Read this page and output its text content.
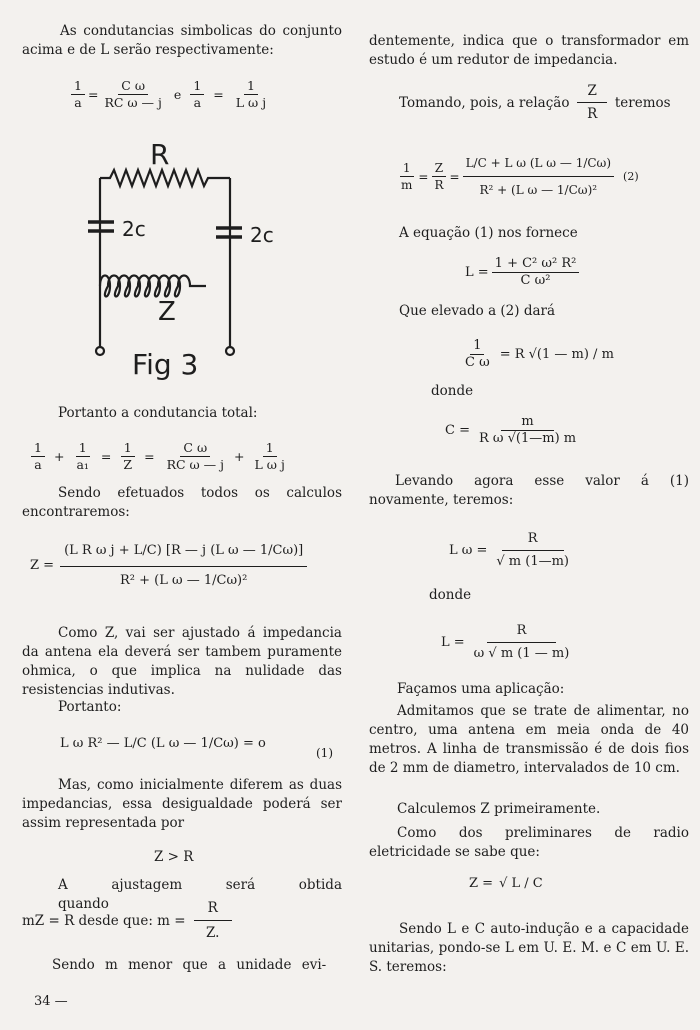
As condutancias simbolicas do conjunto acima e de L serão respectivamente:
$\frac{1}{a} = \frac{\text{C ω}}{\text{RC ω — j}}$ e $\frac{1}{a} = \frac{1}{\text{L ω j}}$
R
2c	2c
Z
Fig 3
Portanto a condutancia total:
1
a
+ $\frac{1}{\text{a₁}} = \frac{1}{Z} = \frac{\text{C ω}}{\text{RC ω — j}} + \frac{1}{\text{L ω j}}$
Sendo efetuados todos os calculos encontraremos:
$Z = \frac{\text{(L R ω j + L/C) [R — j (L ω — 1/Cω)]}}{\text{R² + (L ω — 1/Cω)²}}$
Como Z, vai ser ajustado á impedancia da antena ela deverá ser tambem puramente ohmica, o que implica na nulidade das resistencias indutivas.
Portanto:
L ω R² — L/C (L ω — 1/Cω) = o
(1)
Mas, como inicialmente diferem as duas impedancias, essa desigualdade poderá ser assim representada por
Z > R
A ajustagem será obtida quando
mZ = R desde que: $m = \frac{R}{Z.}$
Sendo m menor que a unidade evi-
34 —
dentemente, indica que o transformador em estudo é um redutor de impedancia.
Tomando, pois, a relação
Z
R
teremos
$\frac{1}{m} = \frac{Z}{R} = \frac{\text{L/C + L ω (L ω — 1/Cω)}}{\text{R² + (L ω — 1/Cω)²}} (2)$
A equação (1) nos fornece
$L = \frac{\text{1 + C² ω² R²}}{\text{C ω²}}$
Que elevado a (2) dará
$\frac{1}{\text{C ω}} = R$ √(1 — m) / m
donde
$C = \frac{m}{\text{R ω √(1—m) m}}$
Levando agora esse valor á (1) novamente, teremos:
L $\omega = \frac{R}{√ m (1—m)}$
donde
$L = \frac{R}{\omega √ m (1 — m)}$
Façamos uma aplicação:
Admitamos que se trate de alimentar, no centro, uma antena em meia onda de 40 metros. A linha de transmissão é de dois fios de 2 mm de diametro, intervalados de 10 cm.
Calculemos Z primeiramente.
Como dos preliminares de radio eletricidade se sabe que:
Z = √ L / C
Sendo L e C auto-indução e a capacidade unitarias, pondo-se L em U. E. M. e C em U. E. S. teremos:
